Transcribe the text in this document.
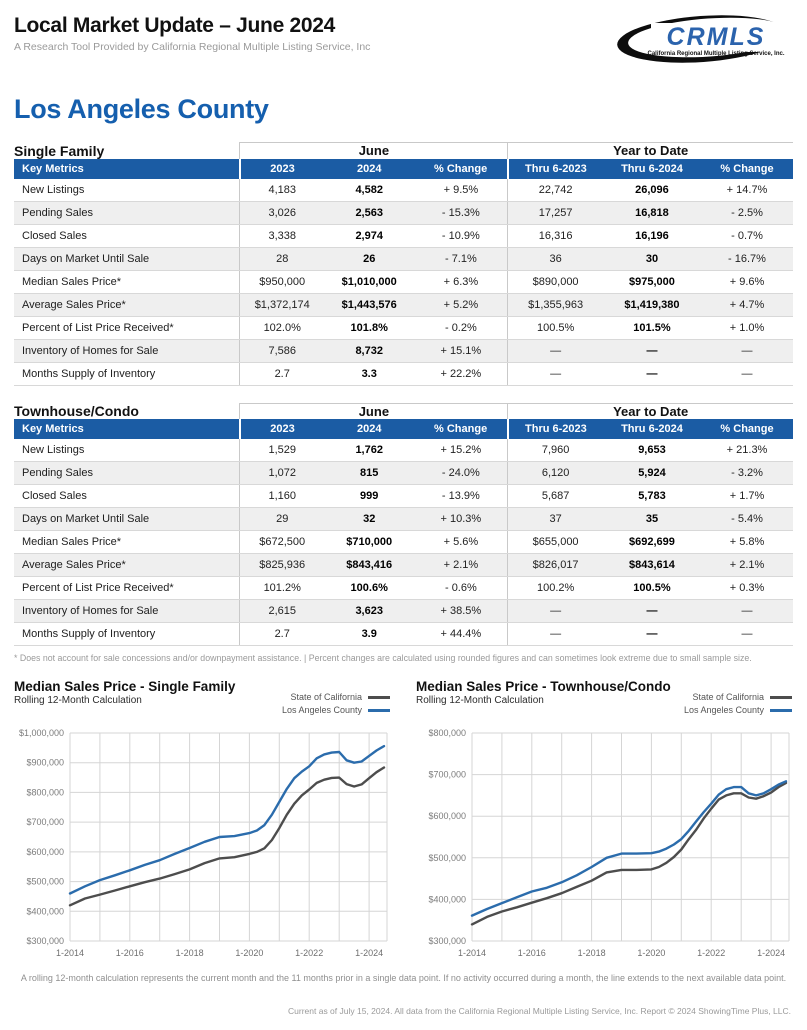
Local Market Update – June 2024
A Research Tool Provided by California Regional Multiple Listing Service, Inc	CRMLS
California Regional Multiple Listing Service, Inc.
Los Angeles County
Single Family	June			Year to Date		
Key Metrics	2023	2024	% Change	Thru 6-2023	Thru 6-2024	% Change
New Listings	4,183	4,582	+ 9.5%	22,742	26,096	+ 14.7%
Pending Sales	3,026	2,563	- 15.3%	17,257	16,818	- 2.5%
Closed Sales	3,338	2,974	- 10.9%	16,316	16,196	- 0.7%
Days on Market Until Sale	28	26	- 7.1%	36	30	- 16.7%
Median Sales Price*	$950,000	$1,010,000	+ 6.3%	$890,000	$975,000	+ 9.6%
Average Sales Price*	$1,372,174	$1,443,576	+ 5.2%	$1,355,963	$1,419,380	+ 4.7%
Percent of List Price Received*	102.0%	101.8%	- 0.2%	100.5%	101.5%	+ 1.0%
Inventory of Homes for Sale	7,586	8,732	+ 15.1%	—	—	—
Months Supply of Inventory	2.7	3.3	+ 22.2%	—	—	—
Townhouse/Condo	June			Year to Date		
Key Metrics	2023	2024	% Change	Thru 6-2023	Thru 6-2024	% Change
New Listings	1,529	1,762	+ 15.2%	7,960	9,653	+ 21.3%
Pending Sales	1,072	815	- 24.0%	6,120	5,924	- 3.2%
Closed Sales	1,160	999	- 13.9%	5,687	5,783	+ 1.7%
Days on Market Until Sale	29	32	+ 10.3%	37	35	- 5.4%
Median Sales Price*	$672,500	$710,000	+ 5.6%	$655,000	$692,699	+ 5.8%
Average Sales Price*	$825,936	$843,416	+ 2.1%	$826,017	$843,614	+ 2.1%
Percent of List Price Received*	101.2%	100.6%	- 0.6%	100.2%	100.5%	+ 0.3%
Inventory of Homes for Sale	2,615	3,623	+ 38.5%	—	—	—
Months Supply of Inventory	2.7	3.9	+ 44.4%	—	—	—
* Does not account for sale concessions and/or downpayment assistance. | Percent changes are calculated using rounded figures and can sometimes look extreme due to small sample size.
Median Sales Price - Single Family
Rolling 12-Month Calculation	State of California
Los Angeles County
$300,000
$400,000
$500,000
$600,000
$700,000
$800,000
$900,000
$1,000,000
1-2014	1-2016	1-2018	1-2020	1-2022	1-2024
Median Sales Price - Townhouse/Condo
Rolling 12-Month Calculation	State of California
Los Angeles County
$300,000
$400,000
$500,000
$600,000
$700,000
$800,000
1-2014	1-2016	1-2018	1-2020	1-2022	1-2024
A rolling 12-month calculation represents the current month and the 11 months prior in a single data point. If no activity occurred during a month, the line extends to the next available data point.
Current as of July 15, 2024. All data from the California Regional Multiple Listing Service, Inc. Report © 2024 ShowingTime Plus, LLC.
